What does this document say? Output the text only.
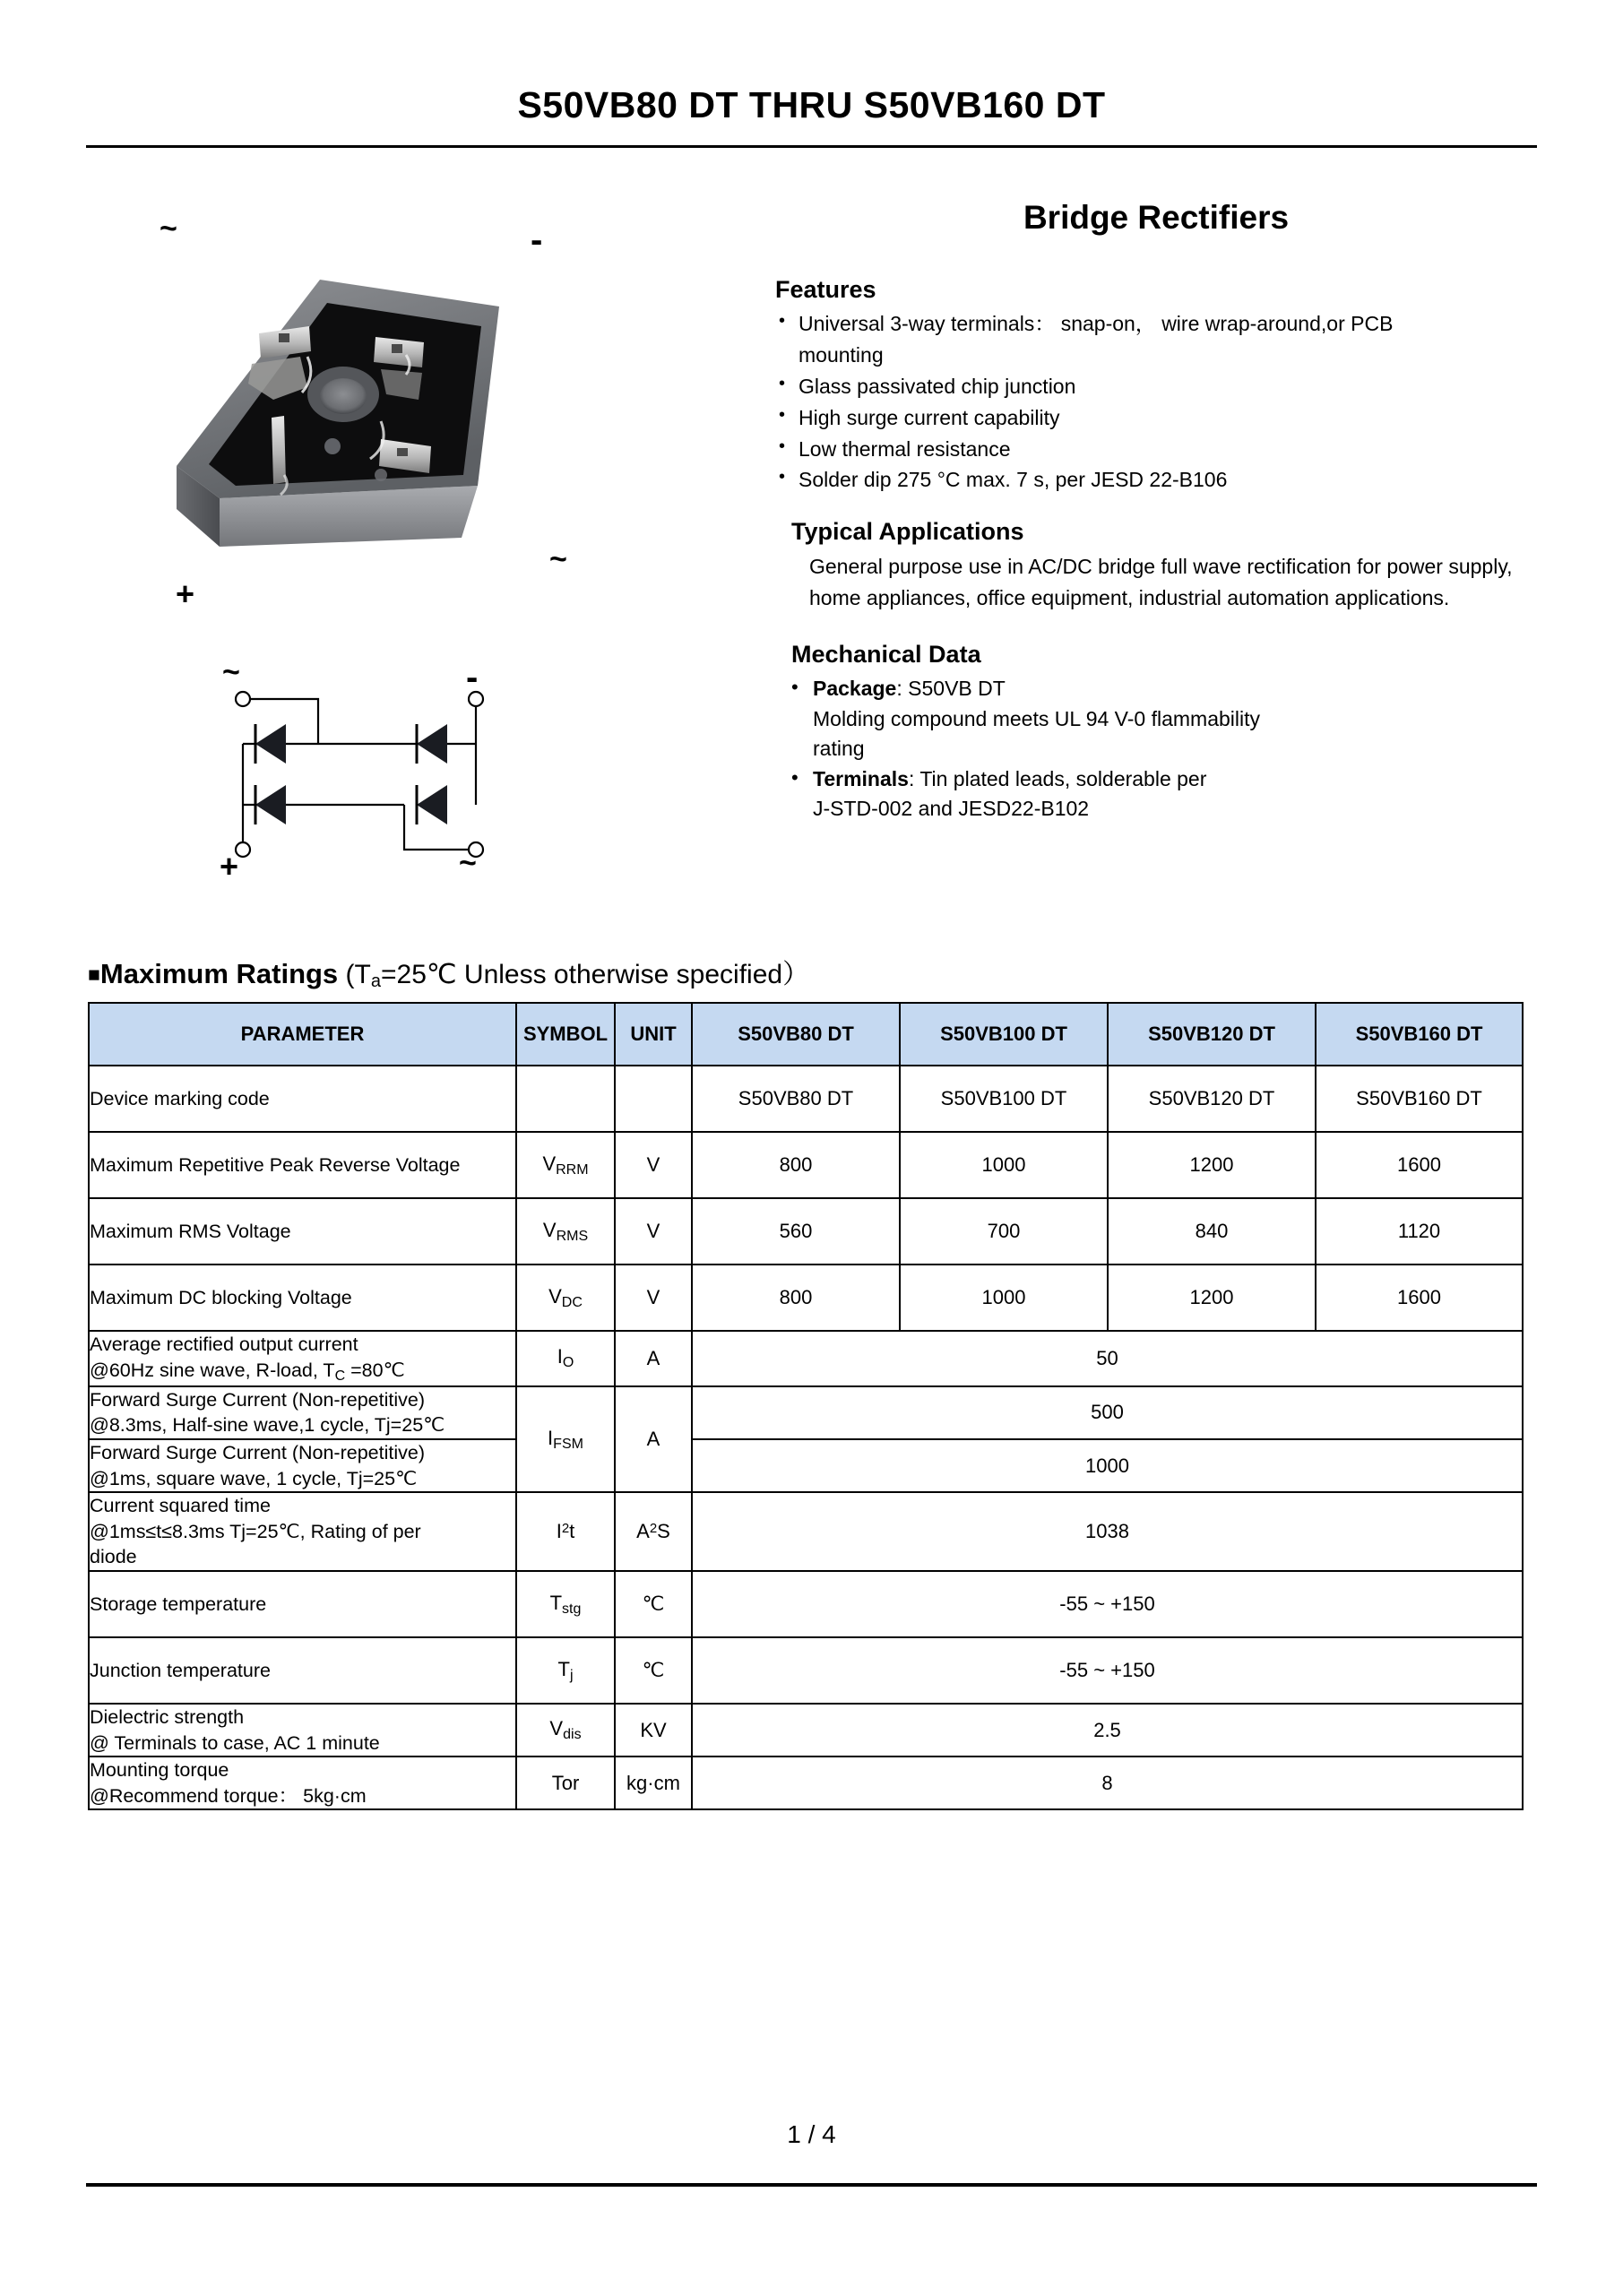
S50VB80 DT THRU S50VB160 DT
~	-
~
+
~	-
+	~
Bridge Rectifiers
Features
• Universal 3-way terminals： snap-on， wire wrap-around,or PCB
mounting
• Glass passivated chip junction
• High surge current capability
• Low thermal resistance
• Solder dip 275 °C max. 7 s, per JESD 22-B106
Typical Applications

General purpose use in AC/DC bridge full wave rectification for power supply, home appliances, office equipment, industrial automation applications.

Mechanical Data
• Package: S50VB DT
Molding compound meets UL 94 V-0 flammability
rating
• Terminals: Tin plated leads, solderable per
J-STD-002 and JESD22-B102
■Maximum Ratings ($T_a=25℃$ Unless otherwise specified）
PARAMETER	SYMBOL	UNIT	S50VB80 DT	S50VB100 DT	S50VB120 DT	S50VB160 DT
Device marking code			S50VB80 DT	S50VB100 DT	S50VB120 DT	S50VB160 DT
Maximum Repetitive Peak Reverse Voltage	$V_{RRM}$	V	800	1000	1200	1600
Maximum RMS Voltage	$V_{RMS}$	V	560	700	840	1120
Maximum DC blocking Voltage	$V_{DC}$	V	800	1000	1200	1600

Average rectified output current
@60Hz sine wave, R-load, $T_C$ =80℃	$I_O$	A	50			

Forward Surge Current (Non-repetitive)
@8.3ms, Half-sine wave,1 cycle, Tj=25℃	$I_{FSM}$	A	500			

Forward Surge Current (Non-repetitive)
@1ms, square wave, 1 cycle, Tj=25℃			1000			

Current squared time
@1ms≤t≤8.3ms Tj=25℃, Rating of per
diode	$I^2t$	$A^2S$	1038			
Storage temperature	$T_{stg}$	℃	-55 ~ +150			
Junction temperature	$T_j$	℃	-55 ~ +150			

Dielectric strength
@ Terminals to case, AC 1 minute	$V_{dis}$	KV	2.5			

Mounting torque
@Recommend torque： 5kg·cm	Tor	kg·cm	8			
1 / 4
